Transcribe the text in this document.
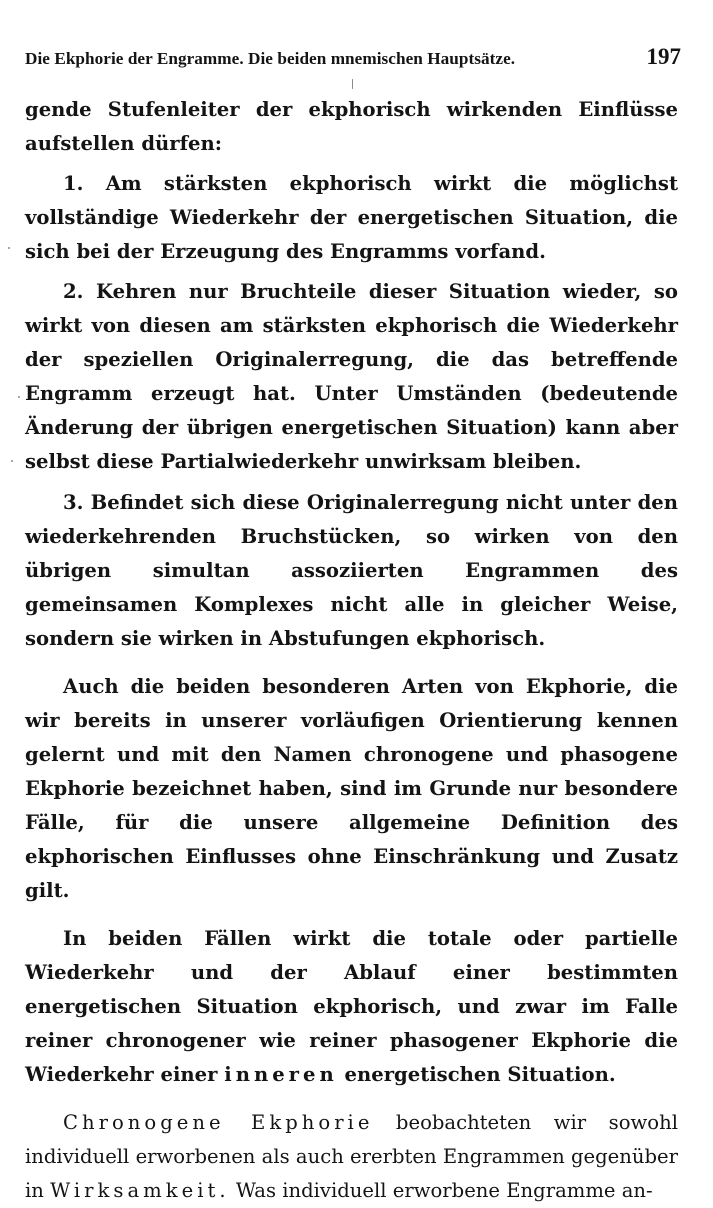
Die Ekphorie der Engramme. Die beiden mnemischen Hauptsätze.	197

gende Stufenleiter der ekphorisch wirkenden Einflüsse aufstellen dürfen:

1. Am stärksten ekphorisch wirkt die möglichst vollständige Wiederkehr der energetischen Situation, die sich bei der Erzeugung des Engramms vorfand.

2. Kehren nur Bruchteile dieser Situation wieder, so wirkt von diesen am stärksten ekphorisch die Wiederkehr der speziellen Originalerregung, die das betreffende Engramm erzeugt hat. Unter Umständen (bedeutende Änderung der übrigen energetischen Situation) kann aber selbst diese Partialwiederkehr unwirksam bleiben.

3. Befindet sich diese Originalerregung nicht unter den wiederkehrenden Bruchstücken, so wirken von den übrigen simultan assoziierten Engrammen des gemeinsamen Komplexes nicht alle in gleicher Weise, sondern sie wirken in Abstufungen ekphorisch.

Auch die beiden besonderen Arten von Ekphorie, die wir bereits in unserer vorläufigen Orientierung kennen gelernt und mit den Namen chronogene und phasogene Ekphorie bezeichnet haben, sind im Grunde nur besondere Fälle, für die unsere allgemeine Definition des ekphorischen Einflusses ohne Einschränkung und Zusatz gilt.

In beiden Fällen wirkt die totale oder partielle Wiederkehr und der Ablauf einer bestimmten energetischen Situation ekphorisch, und zwar im Falle reiner chronogener wie reiner phasogener Ekphorie die Wiederkehr einer inneren energetischen Situation.

Chronogene Ekphorie beobachteten wir sowohl individuell erworbenen als auch ererbten Engrammen gegenüber in Wirksamkeit. Was individuell erworbene Engramme an-
